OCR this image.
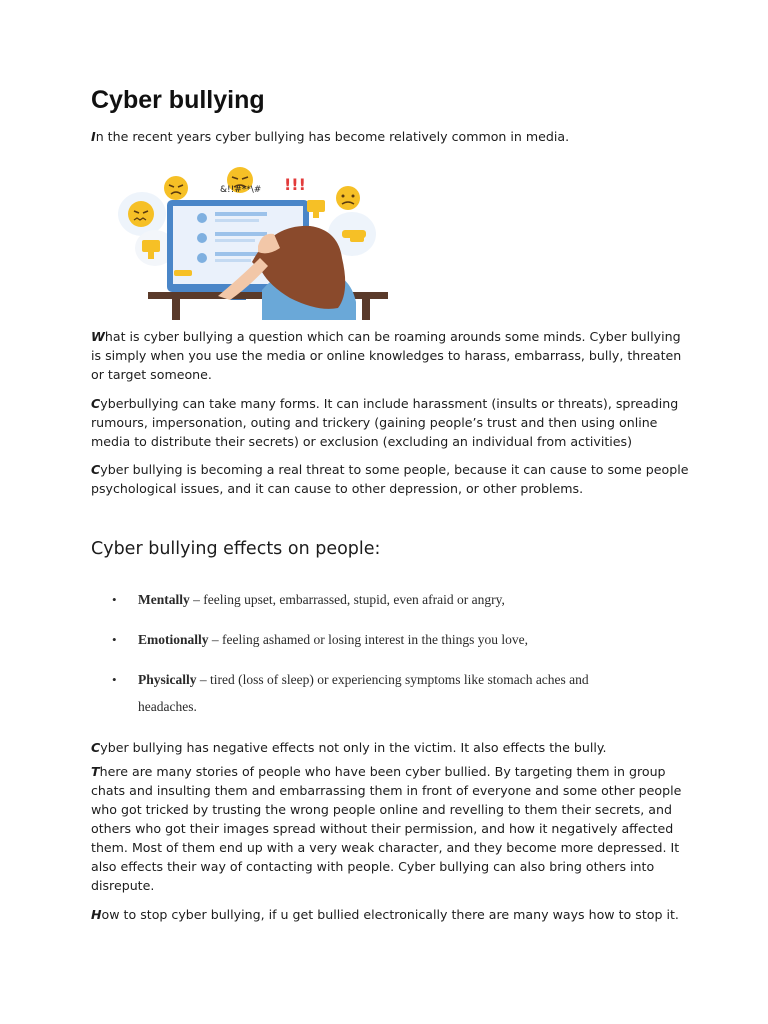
Cyber bullying

In the recent years cyber bullying has become relatively common in media.

&!!#**\# !!!

What is cyber bullying a question which can be roaming arounds some minds. Cyber bullying is simply when you use the media or online knowledges to harass, embarrass, bully, threaten or target someone.

Cyberbullying can take many forms. It can include harassment (insults or threats), spreading rumours, impersonation, outing and trickery (gaining people’s trust and then using online media to distribute their secrets) or exclusion (excluding an individual from activities)

Cyber bullying is becoming a real threat to some people, because it can cause to some people psychological issues, and it can cause to other depression, or other problems.

Cyber bullying effects on people:
• Mentally – feeling upset, embarrassed, stupid, even afraid or angry,
• Emotionally – feeling ashamed or losing interest in the things you love,
• Physically – tired (loss of sleep) or experiencing symptoms like stomach aches and headaches.

Cyber bullying has negative effects not only in the victim. It also effects the bully.

There are many stories of people who have been cyber bullied. By targeting them in group chats and insulting them and embarrassing them in front of everyone and some other people who got tricked by trusting the wrong people online and revelling to them their secrets, and others who got their images spread without their permission, and how it negatively affected them. Most of them end up with a very weak character, and they become more depressed. It also effects their way of contacting with people. Cyber bullying can also bring others into disrepute.

How to stop cyber bullying, if u get bullied electronically there are many ways how to stop it.
